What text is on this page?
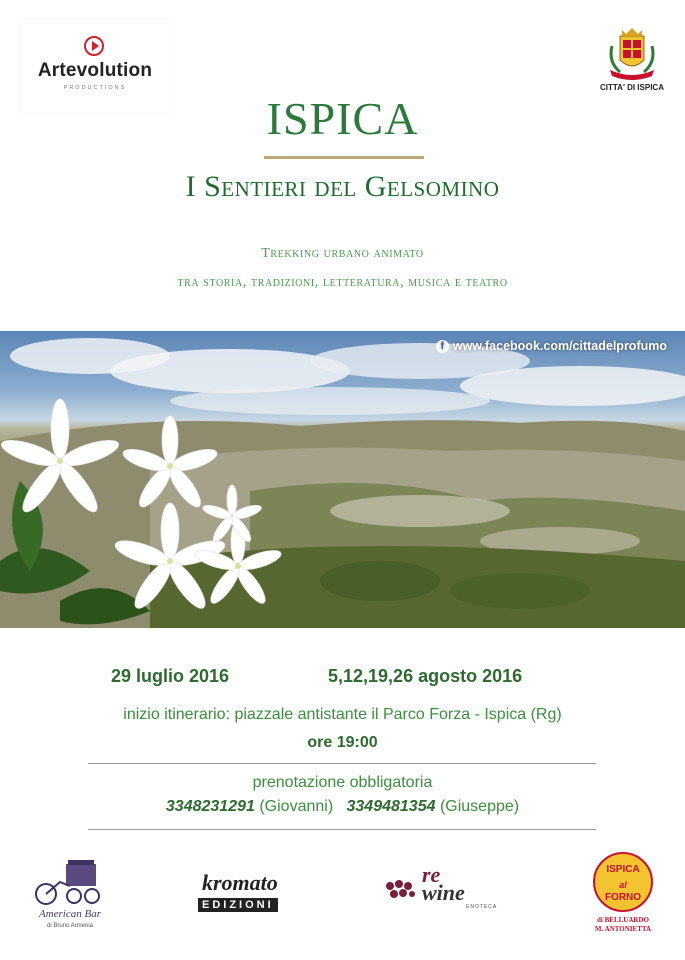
Artevolution
PRODUCTIONS	CITTA' DI ISPICA
ISPICA
I Sentieri del Gelsomino
Trekking urbano animato
tra storia, tradizioni, letteratura, musica e teatro
f www.facebook.com/cittadelprofumo
29 luglio 2016	5,12,19,26 agosto 2016
inizio itinerario: piazzale antistante il Parco Forza - Ispica (Rg)
ore 19:00
prenotazione obbligatoria
3348231291 (Giovanni) 3349481354 (Giuseppe)
American Bar
di Bruno Armenia
kromato
EDIZIONI
re
wine
ENOTECA
ISPICA
al
FORNO
di BELLUARDO
M. ANTONIETTA
